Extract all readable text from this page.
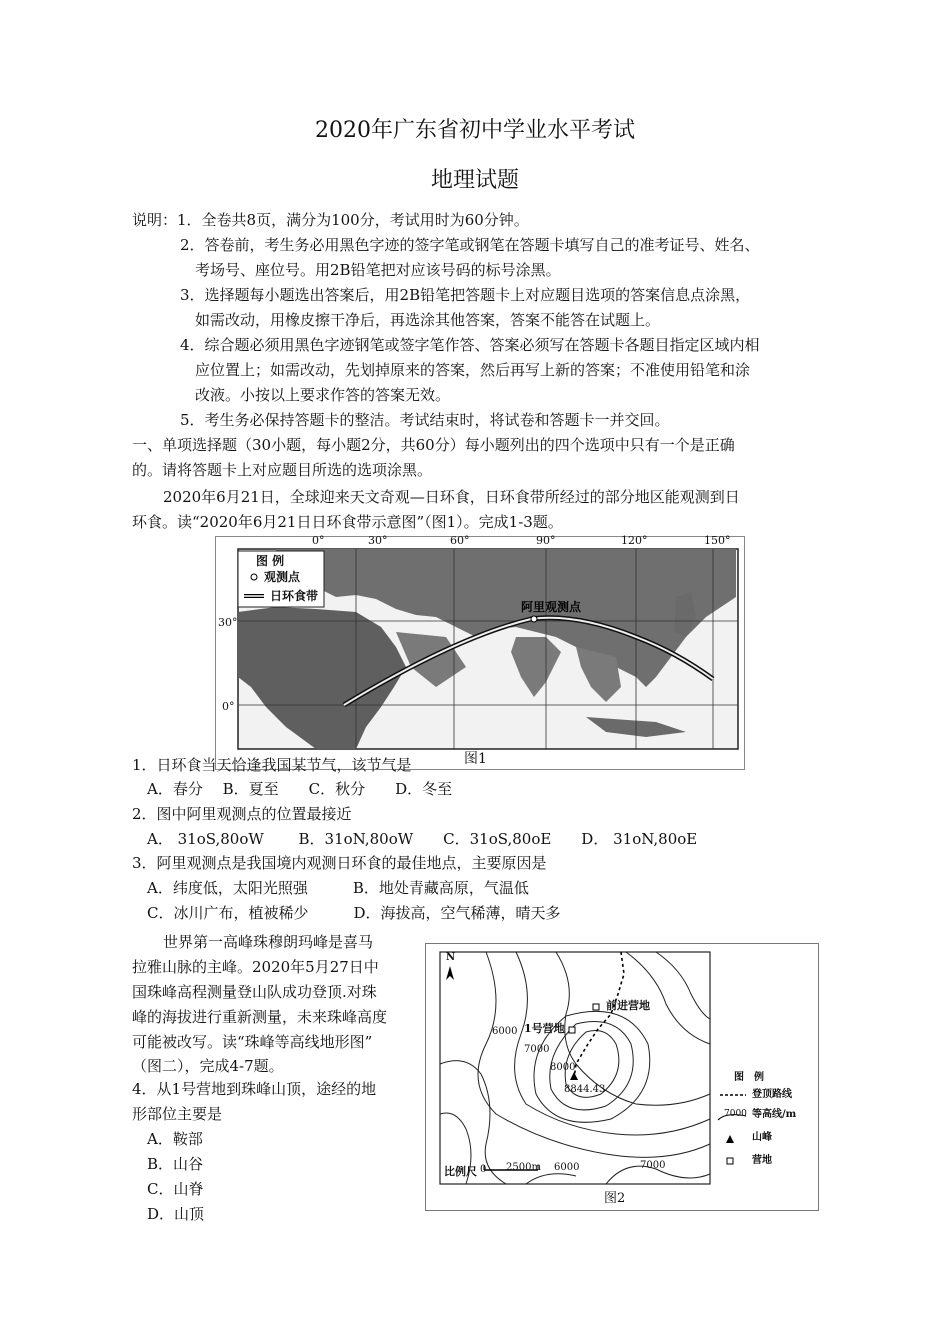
2020年广东省初中学业水平考试
地理试题
说明：1．全卷共8页，满分为100分，考试用时为60分钟。
2．答卷前，考生务必用黑色字迹的签字笔或钢笔在答题卡填写自己的准考证号、姓名、
考场号、座位号。用2B铅笔把对应该号码的标号涂黑。
3．选择题每小题选出答案后，用2B铅笔把答题卡上对应题目选项的答案信息点涂黑，
如需改动，用橡皮擦干净后，再选涂其他答案，答案不能答在试题上。
4．综合题必须用黑色字迹钢笔或签字笔作答、答案必须写在答题卡各题目指定区域内相
应位置上；如需改动，先划掉原来的答案，然后再写上新的答案；不准使用铅笔和涂
改液。小按以上要求作答的答案无效。
5．考生务必保持答题卡的整洁。考试结束时，将试卷和答题卡一并交回。
一、单项选择题（30小题，每小题2分，共60分）每小题列出的四个选项中只有一个是正确
的。请将答题卡上对应题目所选的选项涂黑。
2020年6月21日，全球迎来天文奇观—日环食，日环食带所经过的部分地区能观测到日
环食。读“2020年6月21日日环食带示意图”（图1）。完成1-3题。
0°	30°	60°	90°	120°	150°
30°
0°
图 例
观测点
日环食带
阿里观测点
图1
1．日环食当天恰逢我国某节气，该节气是
A．春分　 B．夏至　　C．秋分　　D．冬至
2．图中阿里观测点的位置最接近
A． 31oS,80oW　　 B．31oN,80oW　　C．31oS,80oE　　D． 31oN,80oE
3．阿里观测点是我国境内观测日环食的最佳地点，主要原因是
A．纬度低，太阳光照强　　　B．地处青藏高原，气温低
C．冰川广布，植被稀少　　　D．海拔高，空气稀薄，晴天多
世界第一高峰珠穆朗玛峰是喜马
拉雅山脉的主峰。2020年5月27日中
国珠峰高程测量登山队成功登顶.对珠
峰的海拔进行重新测量，未来珠峰高度
可能被改写。读“珠峰等高线地形图”
（图二），完成4-7题。
4．从1号营地到珠峰山顶，途经的地
形部位主要是
A．鞍部
B．山谷
C．山脊
D．山顶
N
前进营地
1号营地
6000
7000
8000
8844.43
比例尺 0 2500m 6000	7000
图　例
登顶路线
7000 等高线/m
山峰
营地
图2
